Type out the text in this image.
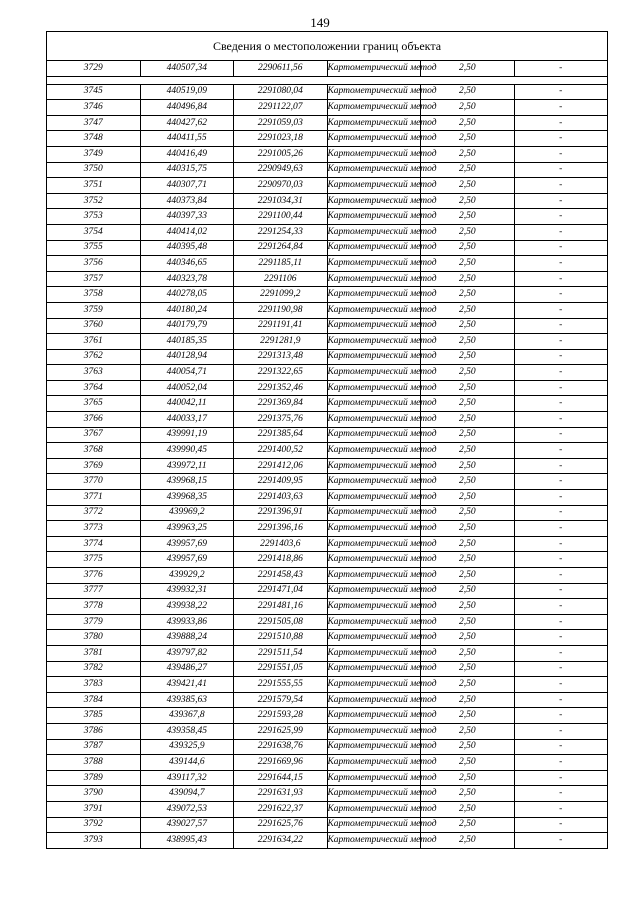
149
Сведения о местоположении границ объекта					
3729	440507,34	2290611,56	Картометрический метод	2,50	-

3745	440519,09	2291080,04	Картометрический метод	2,50	-
3746	440496,84	2291122,07	Картометрический метод	2,50	-
3747	440427,62	2291059,03	Картометрический метод	2,50	-
3748	440411,55	2291023,18	Картометрический метод	2,50	-
3749	440416,49	2291005,26	Картометрический метод	2,50	-
3750	440315,75	2290949,63	Картометрический метод	2,50	-
3751	440307,71	2290970,03	Картометрический метод	2,50	-
3752	440373,84	2291034,31	Картометрический метод	2,50	-
3753	440397,33	2291100,44	Картометрический метод	2,50	-
3754	440414,02	2291254,33	Картометрический метод	2,50	-
3755	440395,48	2291264,84	Картометрический метод	2,50	-
3756	440346,65	2291185,11	Картометрический метод	2,50	-
3757	440323,78	2291106	Картометрический метод	2,50	-
3758	440278,05	2291099,2	Картометрический метод	2,50	-
3759	440180,24	2291190,98	Картометрический метод	2,50	-
3760	440179,79	2291191,41	Картометрический метод	2,50	-
3761	440185,35	2291281,9	Картометрический метод	2,50	-
3762	440128,94	2291313,48	Картометрический метод	2,50	-
3763	440054,71	2291322,65	Картометрический метод	2,50	-
3764	440052,04	2291352,46	Картометрический метод	2,50	-
3765	440042,11	2291369,84	Картометрический метод	2,50	-
3766	440033,17	2291375,76	Картометрический метод	2,50	-
3767	439991,19	2291385,64	Картометрический метод	2,50	-
3768	439990,45	2291400,52	Картометрический метод	2,50	-
3769	439972,11	2291412,06	Картометрический метод	2,50	-
3770	439968,15	2291409,95	Картометрический метод	2,50	-
3771	439968,35	2291403,63	Картометрический метод	2,50	-
3772	439969,2	2291396,91	Картометрический метод	2,50	-
3773	439963,25	2291396,16	Картометрический метод	2,50	-
3774	439957,69	2291403,6	Картометрический метод	2,50	-
3775	439957,69	2291418,86	Картометрический метод	2,50	-
3776	439929,2	2291458,43	Картометрический метод	2,50	-
3777	439932,31	2291471,04	Картометрический метод	2,50	-
3778	439938,22	2291481,16	Картометрический метод	2,50	-
3779	439933,86	2291505,08	Картометрический метод	2,50	-
3780	439888,24	2291510,88	Картометрический метод	2,50	-
3781	439797,82	2291511,54	Картометрический метод	2,50	-
3782	439486,27	2291551,05	Картометрический метод	2,50	-
3783	439421,41	2291555,55	Картометрический метод	2,50	-
3784	439385,63	2291579,54	Картометрический метод	2,50	-
3785	439367,8	2291593,28	Картометрический метод	2,50	-
3786	439358,45	2291625,99	Картометрический метод	2,50	-
3787	439325,9	2291638,76	Картометрический метод	2,50	-
3788	439144,6	2291669,96	Картометрический метод	2,50	-
3789	439117,32	2291644,15	Картометрический метод	2,50	-
3790	439094,7	2291631,93	Картометрический метод	2,50	-
3791	439072,53	2291622,37	Картометрический метод	2,50	-
3792	439027,57	2291625,76	Картометрический метод	2,50	-
3793	438995,43	2291634,22	Картометрический метод	2,50	-
